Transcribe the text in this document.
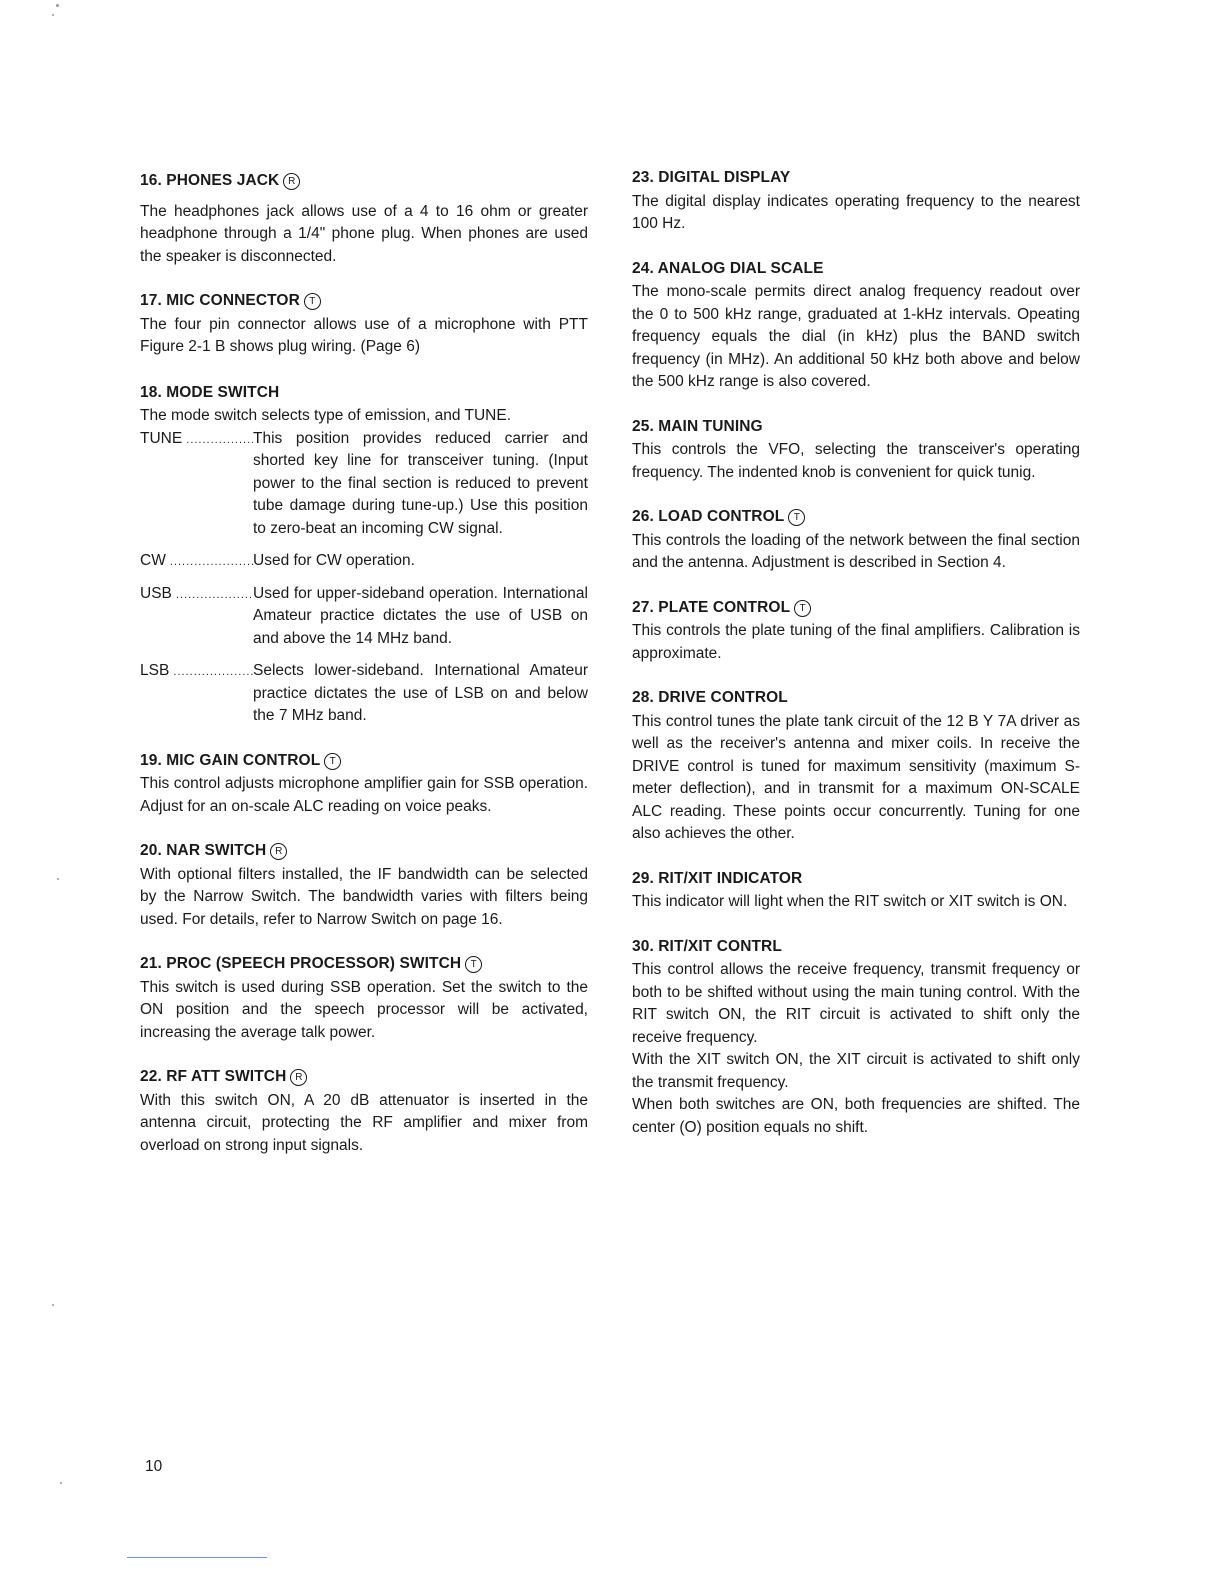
16. PHONES JACK R

The headphones jack allows use of a 4 to 16 ohm or greater headphone through a 1/4" phone plug. When phones are used the speaker is disconnected.

17. MIC CONNECTOR T

The four pin connector allows use of a microphone with PTT Figure 2-1 B shows plug wiring. (Page 6)

18. MODE SWITCH

The mode switch selects type of emission, and TUNE.

TUNE .....	This position provides reduced carrier and shorted key line for transceiver tuning. (Input power to the final section is reduced to prevent tube damage during tune-up.) Use this position to zero-beat an incoming CW signal.
CW .....	Used for CW operation.
USB .....	Used for upper-sideband operation. International Amateur practice dictates the use of USB on and above the 14 MHz band.
LSB .....	Selects lower-sideband. International Amateur practice dictates the use of LSB on and below the 7 MHz band.
19. MIC GAIN CONTROL T

This control adjusts microphone amplifier gain for SSB operation. Adjust for an on-scale ALC reading on voice peaks.

20. NAR SWITCH R

With optional filters installed, the IF bandwidth can be selected by the Narrow Switch. The bandwidth varies with filters being used. For details, refer to Narrow Switch on page 16.

21. PROC (SPEECH PROCESSOR) SWITCH T

This switch is used during SSB operation. Set the switch to the ON position and the speech processor will be activated, increasing the average talk power.

22. RF ATT SWITCH R

With this switch ON, A 20 dB attenuator is inserted in the antenna circuit, protecting the RF amplifier and mixer from overload on strong input signals.

23. DIGITAL DISPLAY

The digital display indicates operating frequency to the nearest 100 Hz.

24. ANALOG DIAL SCALE

The mono-scale permits direct analog frequency readout over the 0 to 500 kHz range, graduated at 1-kHz intervals. Opeating frequency equals the dial (in kHz) plus the BAND switch frequency (in MHz). An additional 50 kHz both above and below the 500 kHz range is also covered.

25. MAIN TUNING

This controls the VFO, selecting the transceiver's operating frequency. The indented knob is convenient for quick tunig.

26. LOAD CONTROL T

This controls the loading of the network between the final section and the antenna. Adjustment is described in Section 4.

27. PLATE CONTROL T

This controls the plate tuning of the final amplifiers. Calibration is approximate.

28. DRIVE CONTROL

This control tunes the plate tank circuit of the 12 B Y 7A driver as well as the receiver's antenna and mixer coils. In receive the DRIVE control is tuned for maximum sensitivity (maximum S-meter deflection), and in transmit for a maximum ON-SCALE ALC reading. These points occur concurrently. Tuning for one also achieves the other.

29. RIT/XIT INDICATOR

This indicator will light when the RIT switch or XIT switch is ON.

30. RIT/XIT CONTRL

This control allows the receive frequency, transmit frequency or both to be shifted without using the main tuning control. With the RIT switch ON, the RIT circuit is activated to shift only the receive frequency.

With the XIT switch ON, the XIT circuit is activated to shift only the transmit frequency.

When both switches are ON, both frequencies are shifted. The center (O) position equals no shift.

10
